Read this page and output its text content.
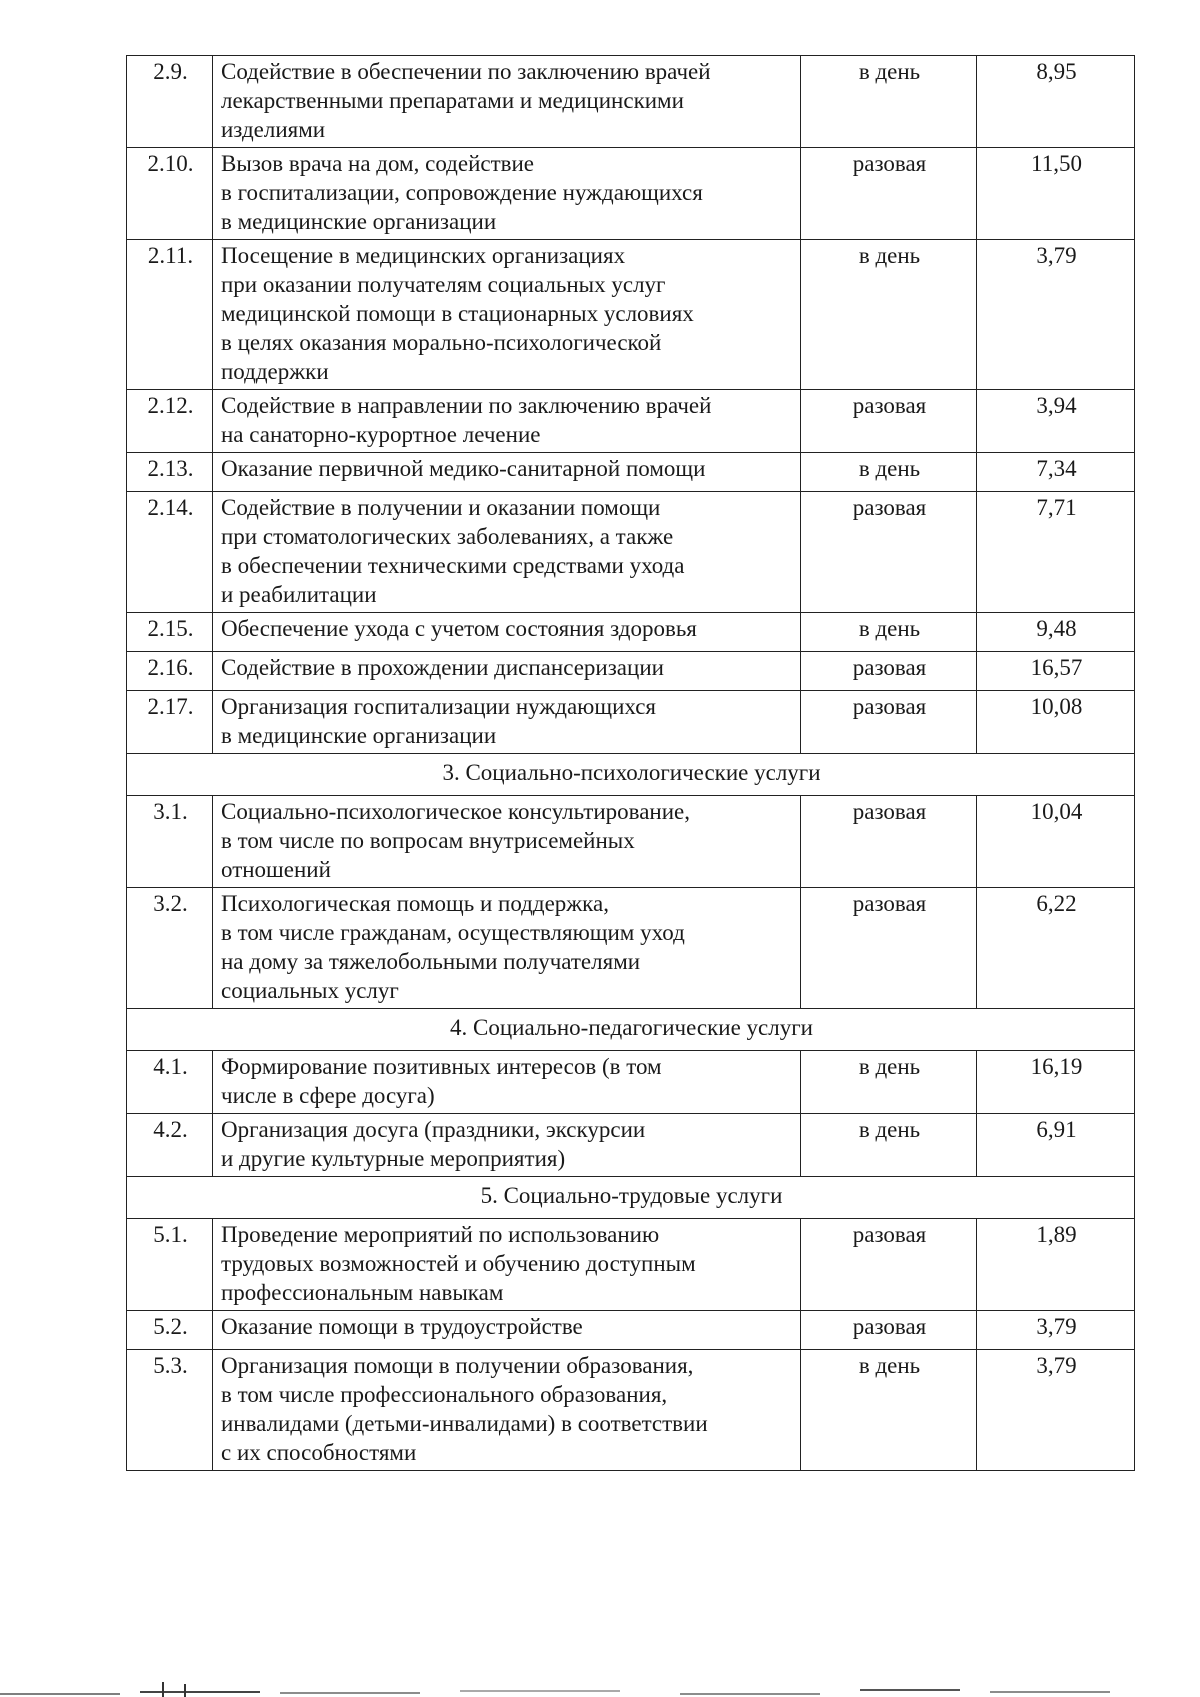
2.9.	Содействие в обеспечении по заключению врачей
лекарственными препаратами и медицинскими
изделиями	в день	8,95
2.10.	Вызов врача на дом, содействие
в госпитализации, сопровождение нуждающихся
в медицинские организации	разовая	11,50
2.11.	Посещение в медицинских организациях
при оказании получателям социальных услуг
медицинской помощи в стационарных условиях
в целях оказания морально-психологической
поддержки	в день	3,79
2.12.	Содействие в направлении по заключению врачей
на санаторно-курортное лечение	разовая	3,94
2.13.	Оказание первичной медико-санитарной помощи	в день	7,34
2.14.	Содействие в получении и оказании помощи
при стоматологических заболеваниях, а также
в обеспечении техническими средствами ухода
и реабилитации	разовая	7,71
2.15.	Обеспечение ухода с учетом состояния здоровья	в день	9,48
2.16.	Содействие в прохождении диспансеризации	разовая	16,57
2.17.	Организация госпитализации нуждающихся
в медицинские организации	разовая	10,08
3. Социально-психологические услуги			
3.1.	Социально-психологическое консультирование,
в том числе по вопросам внутрисемейных
отношений	разовая	10,04
3.2.	Психологическая помощь и поддержка,
в том числе гражданам, осуществляющим уход
на дому за тяжелобольными получателями
социальных услуг	разовая	6,22
4. Социально-педагогические услуги			
4.1.	Формирование позитивных интересов (в том
числе в сфере досуга)	в день	16,19
4.2.	Организация досуга (праздники, экскурсии
и другие культурные мероприятия)	в день	6,91
5. Социально-трудовые услуги			
5.1.	Проведение мероприятий по использованию
трудовых возможностей и обучению доступным
профессиональным навыкам	разовая	1,89
5.2.	Оказание помощи в трудоустройстве	разовая	3,79
5.3.	Организация помощи в получении образования,
в том числе профессионального образования,
инвалидами (детьми-инвалидами) в соответствии
с их способностями	в день	3,79
